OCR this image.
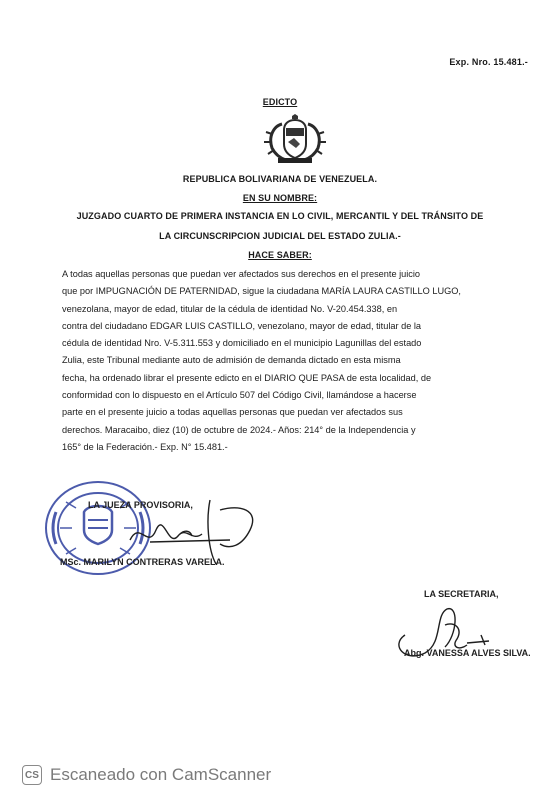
Exp. Nro. 15.481.-
EDICTO
REPUBLICA BOLIVARIANA DE VENEZUELA.
EN SU NOMBRE:
JUZGADO CUARTO DE PRIMERA INSTANCIA EN LO CIVIL, MERCANTIL Y DEL TRÁNSITO DE
LA CIRCUNSCRIPCION JUDICIAL DEL ESTADO ZULIA.-
HACE SABER:
A todas aquellas personas que puedan ver afectados sus derechos en el presente juicio
que por IMPUGNACIÓN DE PATERNIDAD, sigue la ciudadana MARÍA LAURA CASTILLO LUGO,
venezolana, mayor de edad, titular de la cédula de identidad No. V-20.454.338, en
contra del ciudadano EDGAR LUIS CASTILLO, venezolano, mayor de edad, titular de la
cédula de identidad Nro. V-5.311.553 y domiciliado en el municipio Lagunillas del estado
Zulia, este Tribunal mediante auto de admisión de demanda dictado en esta misma
fecha, ha ordenado librar el presente edicto en el DIARIO QUE PASA de esta localidad, de
conformidad con lo dispuesto en el Artículo 507 del Código Civil, llamándose a hacerse
parte en el presente juicio a todas aquellas personas que puedan ver afectados sus
derechos. Maracaibo, diez (10) de octubre de 2024.- Años: 214° de la Independencia y
165° de la Federación.- Exp. N° 15.481.-
LA JUEZA PROVISORIA,
MSc. MARILYN CONTRERAS VARELA.
LA SECRETARIA,
Abg. VANESSA ALVES SILVA.
CS Escaneado con CamScanner
